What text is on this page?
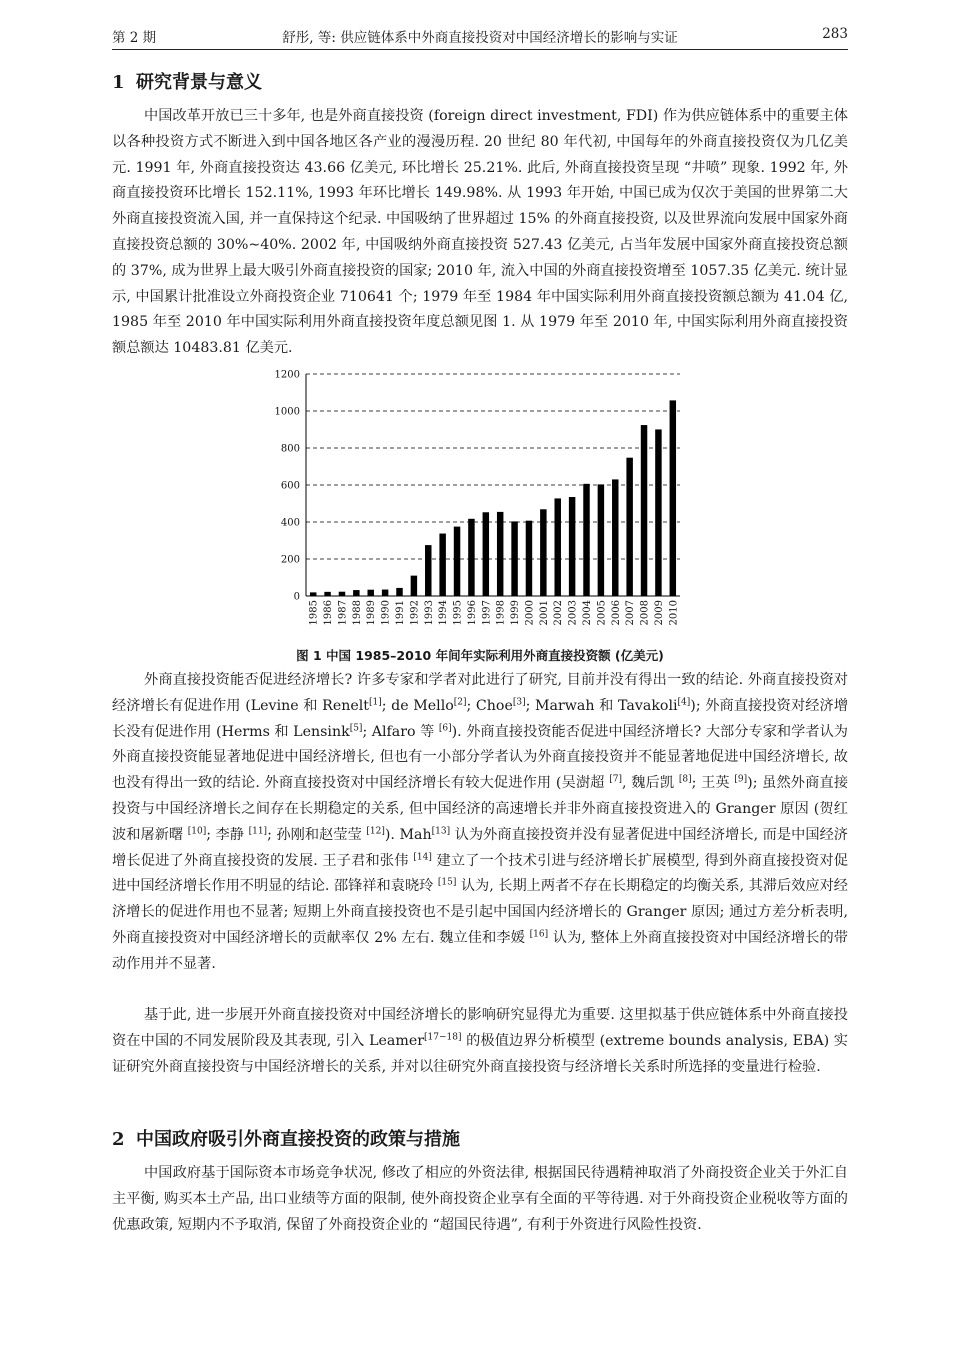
第 2 期	舒彤, 等: 供应链体系中外商直接投资对中国经济增长的影响与实证	283
1 研究背景与意义

中国改革开放已三十多年, 也是外商直接投资 (foreign direct investment, FDI) 作为供应链体系中的重要主体以各种投资方式不断进入到中国各地区各产业的漫漫历程. 20 世纪 80 年代初, 中国每年的外商直接投资仅为几亿美元. 1991 年, 外商直接投资达 43.66 亿美元, 环比增长 25.21%. 此后, 外商直接投资呈现 “井喷” 现象. 1992 年, 外商直接投资环比增长 152.11%, 1993 年环比增长 149.98%. 从 1993 年开始, 中国已成为仅次于美国的世界第二大外商直接投资流入国, 并一直保持这个纪录. 中国吸纳了世界超过 15% 的外商直接投资, 以及世界流向发展中国家外商直接投资总额的 30%∼40%. 2002 年, 中国吸纳外商直接投资 527.43 亿美元, 占当年发展中国家外商直接投资总额的 37%, 成为世界上最大吸引外商直接投资的国家; 2010 年, 流入中国的外商直接投资增至 1057.35 亿美元. 统计显示, 中国累计批准设立外商投资企业 710641 个; 1979 年至 1984 年中国实际利用外商直接投资额总额为 41.04 亿, 1985 年至 2010 年中国实际利用外商直接投资年度总额见图 1. 从 1979 年至 2010 年, 中国实际利用外商直接投资额总额达 10483.81 亿美元.

0
200
400
600
800
1000
1200
1985 1986 1987 1988 1989 1990 1991 1992 1993 1994 1995 1996 1997 1998 1999 2000 2001 2002 2003 2004 2005 2006 2007 2008 2009 2010
图 1 中国 1985–2010 年间年实际利用外商直接投资额 (亿美元)

外商直接投资能否促进经济增长? 许多专家和学者对此进行了研究, 目前并没有得出一致的结论. 外商直接投资对经济增长有促进作用 (Levine 和 Renelt[1]; de Mello[2]; Choe[3]; Marwah 和 Tavakoli[4]); 外商直接投资对经济增长没有促进作用 (Herms 和 Lensink[5]; Alfaro 等 [6]). 外商直接投资能否促进中国经济增长? 大部分专家和学者认为外商直接投资能显著地促进中国经济增长, 但也有一小部分学者认为外商直接投资并不能显著地促进中国经济增长, 故也没有得出一致的结论. 外商直接投资对中国经济增长有较大促进作用 (吴澍超 [7], 魏后凯 [8]; 王英 [9]); 虽然外商直接投资与中国经济增长之间存在长期稳定的关系, 但中国经济的高速增长并非外商直接投资进入的 Granger 原因 (贺红波和屠新曙 [10]; 李静 [11]; 孙刚和赵莹莹 [12]). Mah[13] 认为外商直接投资并没有显著促进中国经济增长, 而是中国经济增长促进了外商直接投资的发展. 王子君和张伟 [14] 建立了一个技术引进与经济增长扩展模型, 得到外商直接投资对促进中国经济增长作用不明显的结论. 邵锋祥和袁晓玲 [15] 认为, 长期上两者不存在长期稳定的均衡关系, 其滞后效应对经济增长的促进作用也不显著; 短期上外商直接投资也不是引起中国国内经济增长的 Granger 原因; 通过方差分析表明, 外商直接投资对中国经济增长的贡献率仅 2% 左右. 魏立佳和李媛 [16] 认为, 整体上外商直接投资对中国经济增长的带动作用并不显著.

基于此, 进一步展开外商直接投资对中国经济增长的影响研究显得尤为重要. 这里拟基于供应链体系中外商直接投资在中国的不同发展阶段及其表现, 引入 Leamer[17−18] 的极值边界分析模型 (extreme bounds analysis, EBA) 实证研究外商直接投资与中国经济增长的关系, 并对以往研究外商直接投资与经济增长关系时所选择的变量进行检验.

2 中国政府吸引外商直接投资的政策与措施

中国政府基于国际资本市场竞争状况, 修改了相应的外资法律, 根据国民待遇精神取消了外商投资企业关于外汇自主平衡, 购买本土产品, 出口业绩等方面的限制, 使外商投资企业享有全面的平等待遇. 对于外商投资企业税收等方面的优惠政策, 短期内不予取消, 保留了外商投资企业的 “超国民待遇”, 有利于外资进行风险性投资.
